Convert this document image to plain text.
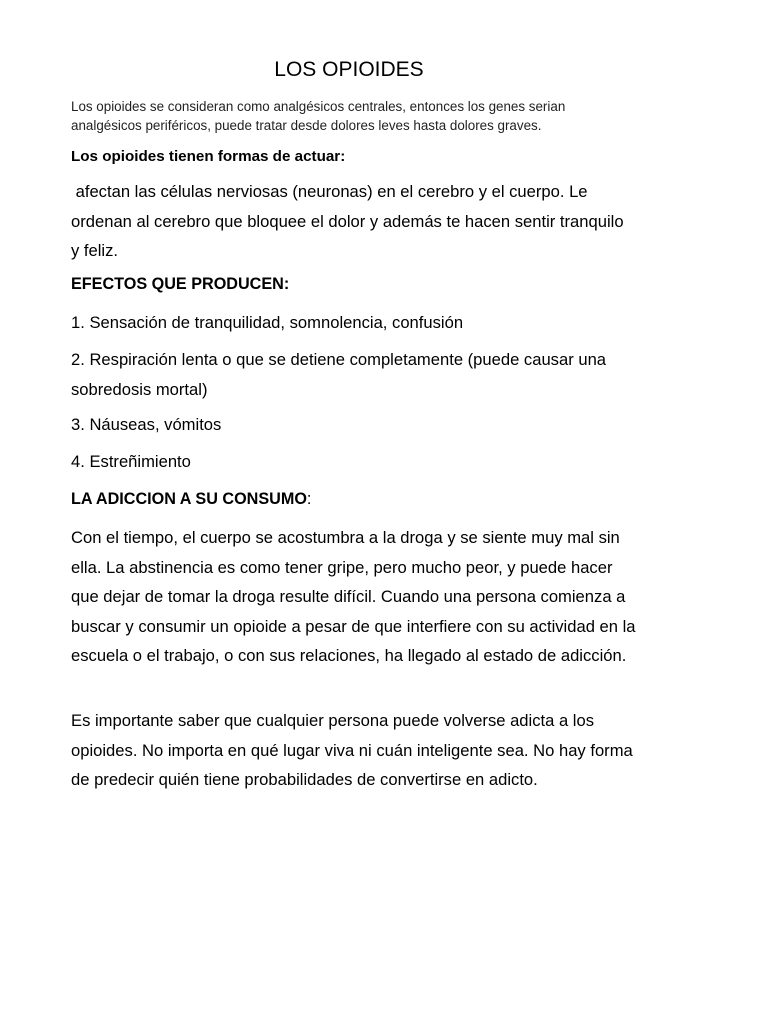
LOS OPIOIDES
Los opioides se consideran como analgésicos centrales, entonces los genes serian
analgésicos periféricos, puede tratar desde dolores leves hasta dolores graves.
Los opioides tienen formas de actuar:
afectan las células nerviosas (neuronas) en el cerebro y el cuerpo. Le
ordenan al cerebro que bloquee el dolor y además te hacen sentir tranquilo
y feliz.
EFECTOS QUE PRODUCEN:
1. Sensación de tranquilidad, somnolencia, confusión
2. Respiración lenta o que se detiene completamente (puede causar una
sobredosis mortal)
3. Náuseas, vómitos
4. Estreñimiento
LA ADICCION A SU CONSUMO:
Con el tiempo, el cuerpo se acostumbra a la droga y se siente muy mal sin
ella. La abstinencia es como tener gripe, pero mucho peor, y puede hacer
que dejar de tomar la droga resulte difícil. Cuando una persona comienza a
buscar y consumir un opioide a pesar de que interfiere con su actividad en la
escuela o el trabajo, o con sus relaciones, ha llegado al estado de adicción.
Es importante saber que cualquier persona puede volverse adicta a los
opioides. No importa en qué lugar viva ni cuán inteligente sea. No hay forma
de predecir quién tiene probabilidades de convertirse en adicto.
